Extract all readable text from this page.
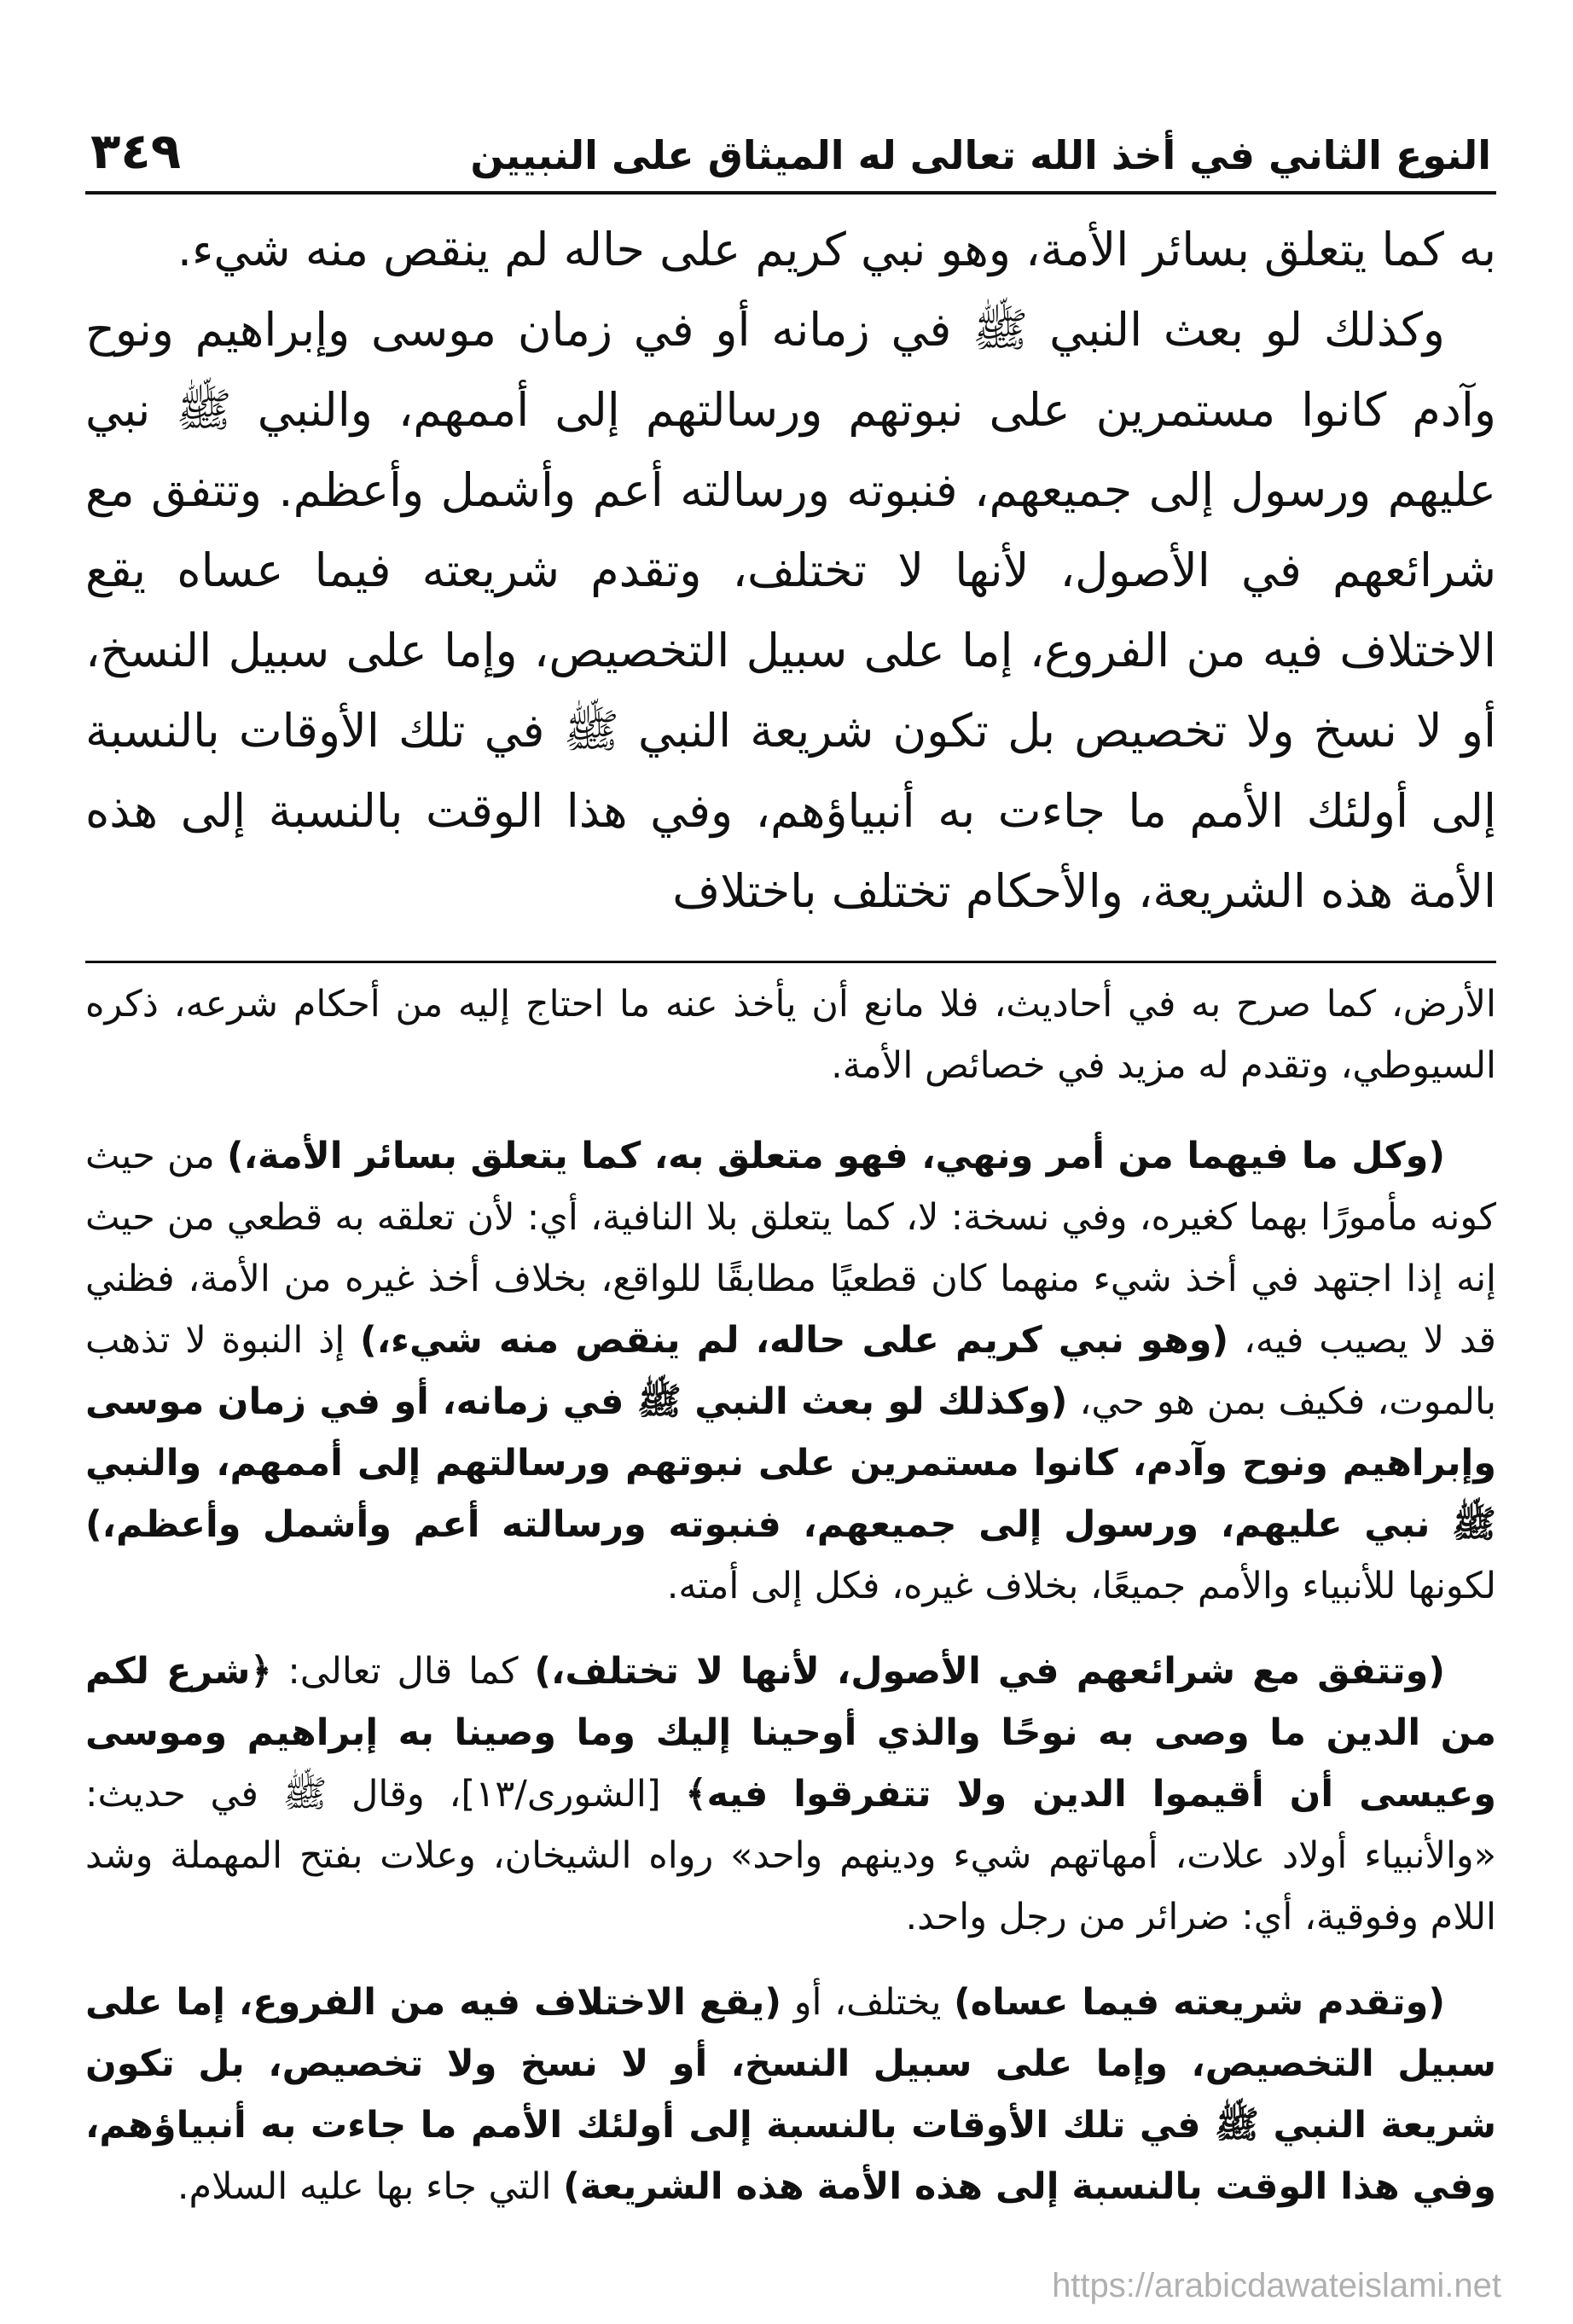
النوع الثاني في أخذ الله تعالى له الميثاق على النبيين
٣٤٩

به كما يتعلق بسائر الأمة، وهو نبي كريم على حاله لم ينقص منه شيء.

وكذلك لو بعث النبي ﷺ في زمانه أو في زمان موسى وإبراهيم ونوح وآدم كانوا مستمرين على نبوتهم ورسالتهم إلى أممهم، والنبي ﷺ نبي عليهم ورسول إلى جميعهم، فنبوته ورسالته أعم وأشمل وأعظم. وتتفق مع شرائعهم في الأصول، لأنها لا تختلف، وتقدم شريعته فيما عساه يقع الاختلاف فيه من الفروع، إما على سبيل التخصيص، وإما على سبيل النسخ، أو لا نسخ ولا تخصيص بل تكون شريعة النبي ﷺ في تلك الأوقات بالنسبة إلى أولئك الأمم ما جاءت به أنبياؤهم، وفي هذا الوقت بالنسبة إلى هذه الأمة هذه الشريعة، والأحكام تختلف باختلاف

الأرض، كما صرح به في أحاديث، فلا مانع أن يأخذ عنه ما احتاج إليه من أحكام شرعه، ذكره السيوطي، وتقدم له مزيد في خصائص الأمة.

(وكل ما فيهما من أمر ونهي، فهو متعلق به، كما يتعلق بسائر الأمة،) من حيث كونه مأمورًا بهما كغيره، وفي نسخة: لا، كما يتعلق بلا النافية، أي: لأن تعلقه به قطعي من حيث إنه إذا اجتهد في أخذ شيء منهما كان قطعيًا مطابقًا للواقع، بخلاف أخذ غيره من الأمة، فظني قد لا يصيب فيه، (وهو نبي كريم على حاله، لم ينقص منه شيء،) إذ النبوة لا تذهب بالموت، فكيف بمن هو حي، (وكذلك لو بعث النبي ﷺ في زمانه، أو في زمان موسى وإبراهيم ونوح وآدم، كانوا مستمرين على نبوتهم ورسالتهم إلى أممهم، والنبي ﷺ نبي عليهم، ورسول إلى جميعهم، فنبوته ورسالته أعم وأشمل وأعظم،) لكونها للأنبياء والأمم جميعًا، بخلاف غيره، فكل إلى أمته.

(وتتفق مع شرائعهم في الأصول، لأنها لا تختلف،) كما قال تعالى: ﴿شرع لكم من الدين ما وصى به نوحًا والذي أوحينا إليك وما وصينا به إبراهيم وموسى وعيسى أن أقيموا الدين ولا تتفرقوا فيه﴾ [الشورى/١٣]، وقال ﷺ في حديث: «والأنبياء أولاد علات، أمهاتهم شيء ودينهم واحد» رواه الشيخان، وعلات بفتح المهملة وشد اللام وفوقية، أي: ضرائر من رجل واحد.

(وتقدم شريعته فيما عساه) يختلف، أو (يقع الاختلاف فيه من الفروع، إما على سبيل التخصيص، وإما على سبيل النسخ، أو لا نسخ ولا تخصيص، بل تكون شريعة النبي ﷺ في تلك الأوقات بالنسبة إلى أولئك الأمم ما جاءت به أنبياؤهم، وفي هذا الوقت بالنسبة إلى هذه الأمة هذه الشريعة) التي جاء بها عليه السلام.

https://arabicdawateislami.net
